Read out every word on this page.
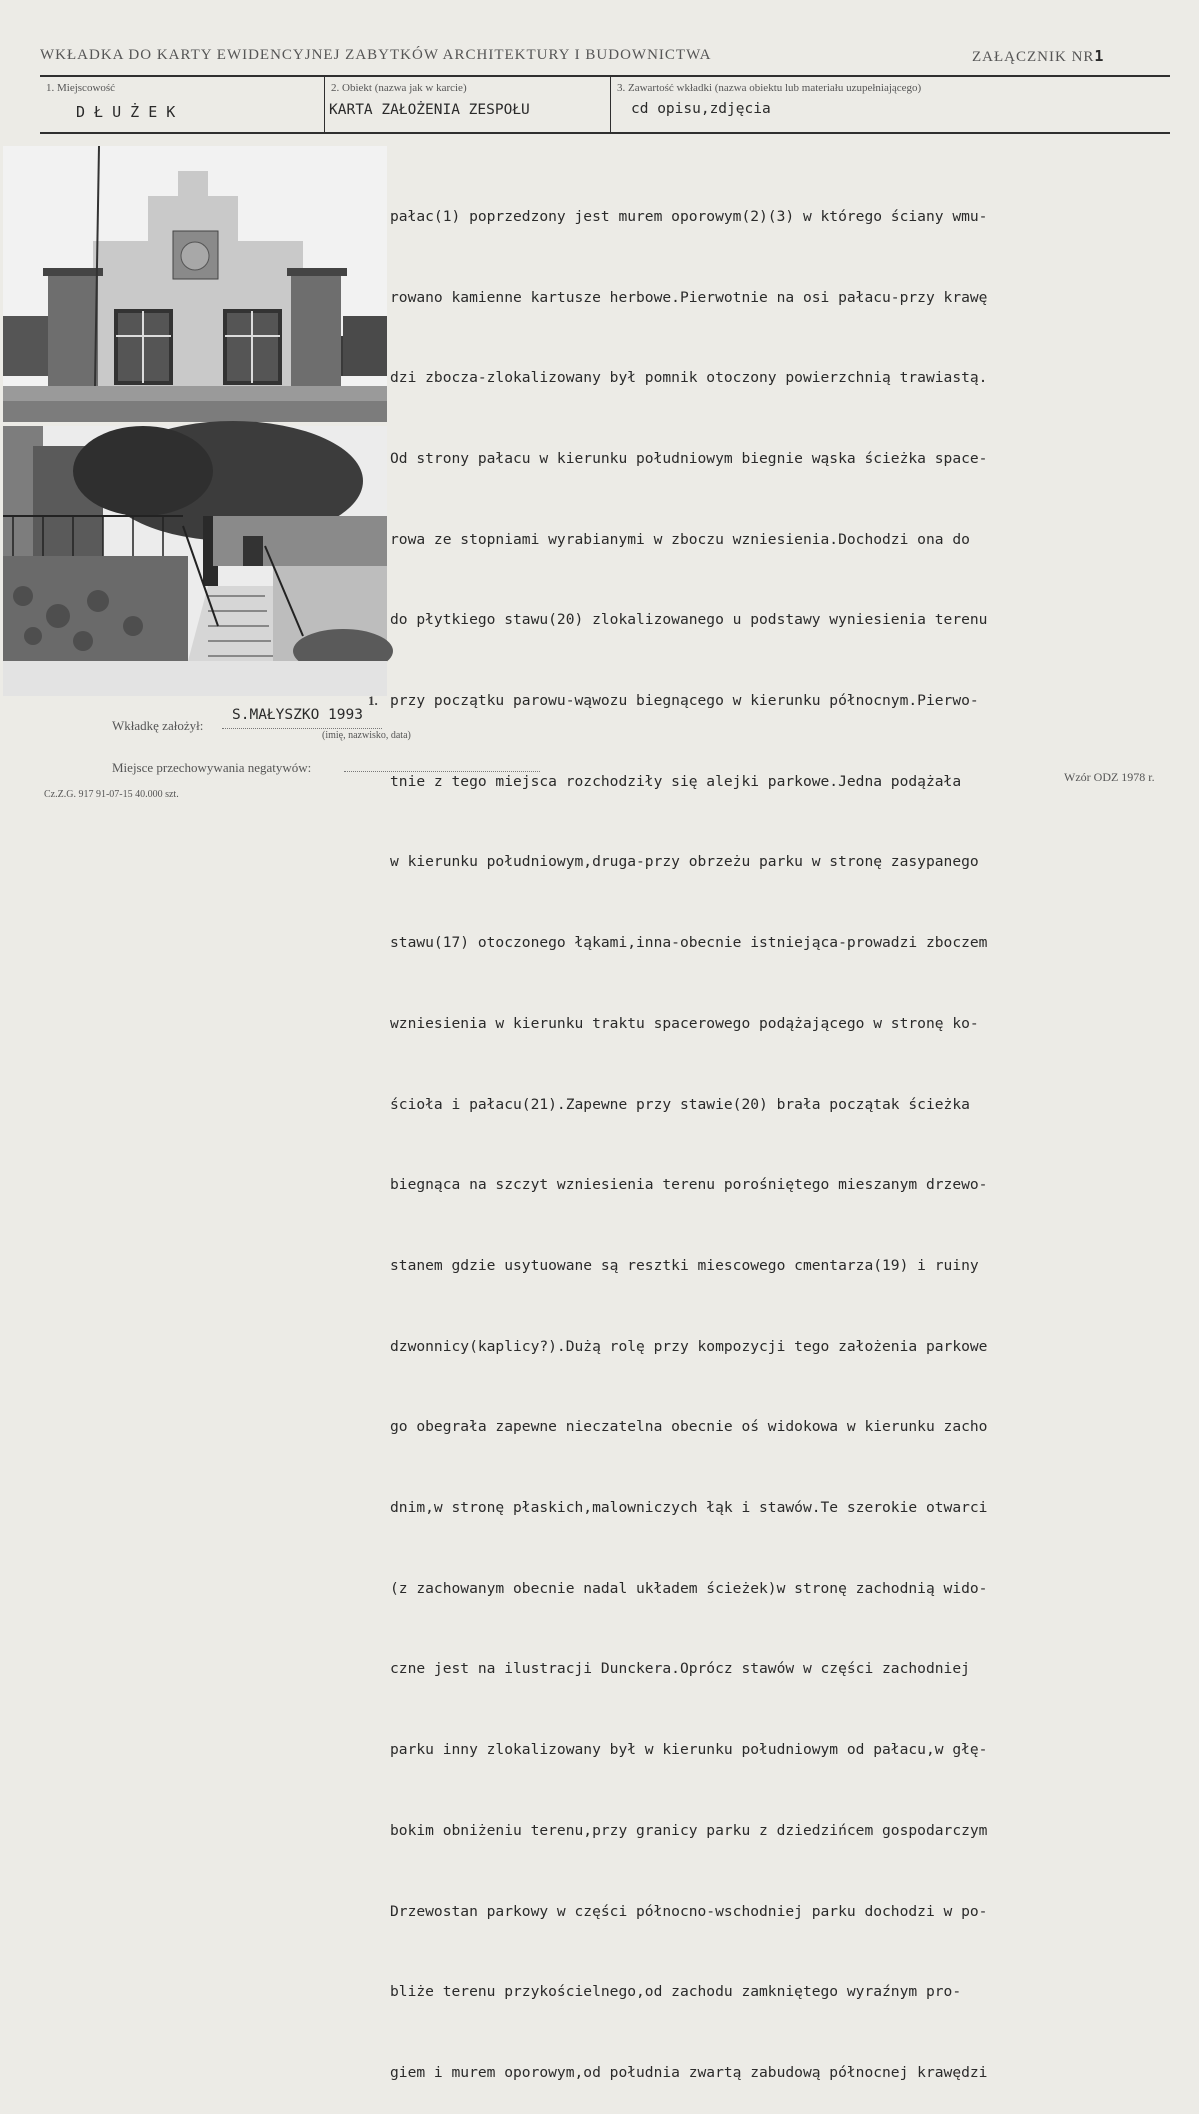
WKŁADKA DO KARTY EWIDENCYJNEJ ZABYTKÓW ARCHITEKTURY I BUDOWNICTWA	ZAŁĄCZNIK NR1
1. Miejscowość
D Ł U Ż E K
2. Obiekt (nazwa jak w karcie)
KARTA ZAŁOŻENIA ZESPOŁU
3. Zawartość wkładki (nazwa obiektu lub materiału uzupełniającego)
cd opisu,zdjęcia

pałac(1) poprzedzony jest murem oporowym(2)(3) w którego ściany wmu-

rowano kamienne kartusze herbowe.Pierwotnie na osi pałacu-przy krawę

dzi zbocza-zlokalizowany był pomnik otoczony powierzchnią trawiastą.

Od strony pałacu w kierunku południowym biegnie wąska ścieżka space-

rowa ze stopniami wyrabianymi w zboczu wzniesienia.Dochodzi ona do

do płytkiego stawu(20) zlokalizowanego u podstawy wyniesienia terenu

przy początku parowu-wąwozu biegnącego w kierunku północnym.Pierwo-

tnie z tego miejsca rozchodziły się alejki parkowe.Jedna podążała

w kierunku południowym,druga-przy obrzeżu parku w stronę zasypanego

stawu(17) otoczonego łąkami,inna-obecnie istniejąca-prowadzi zboczem

wzniesienia w kierunku traktu spacerowego podążającego w stronę ko-

ścioła i pałacu(21).Zapewne przy stawie(20) brała początak ścieżka

biegnąca na szczyt wzniesienia terenu porośniętego mieszanym drzewo-

stanem gdzie usytuowane są resztki miescowego cmentarza(19) i ruiny

dzwonnicy(kaplicy?).Dużą rolę przy kompozycji tego założenia parkowe

go obegrała zapewne nieczatelna obecnie oś widokowa w kierunku zacho

dnim,w stronę płaskich,malowniczych łąk i stawów.Te szerokie otwarci

(z zachowanym obecnie nadal układem ścieżek)w stronę zachodnią wido-

czne jest na ilustracji Dunckera.Oprócz stawów w części zachodniej

parku inny zlokalizowany był w kierunku południowym od pałacu,w głę-

bokim obniżeniu terenu,przy granicy parku z dziedzińcem gospodarczym

Drzewostan parkowy w części północno-wschodniej parku dochodzi w po-

bliże terenu przykościelnego,od zachodu zamkniętego wyraźnym pro-

giem i murem oporowym,od południa zwartą zabudową północnej krawędzi

1.
Wkładkę założył:
S.MAŁYSZKO 1993
(imię, nazwisko, data)
Miejsce przechowywania negatywów:
Cz.Z.G. 917 91-07-15 40.000 szt.
Wzór ODZ 1978 r.
